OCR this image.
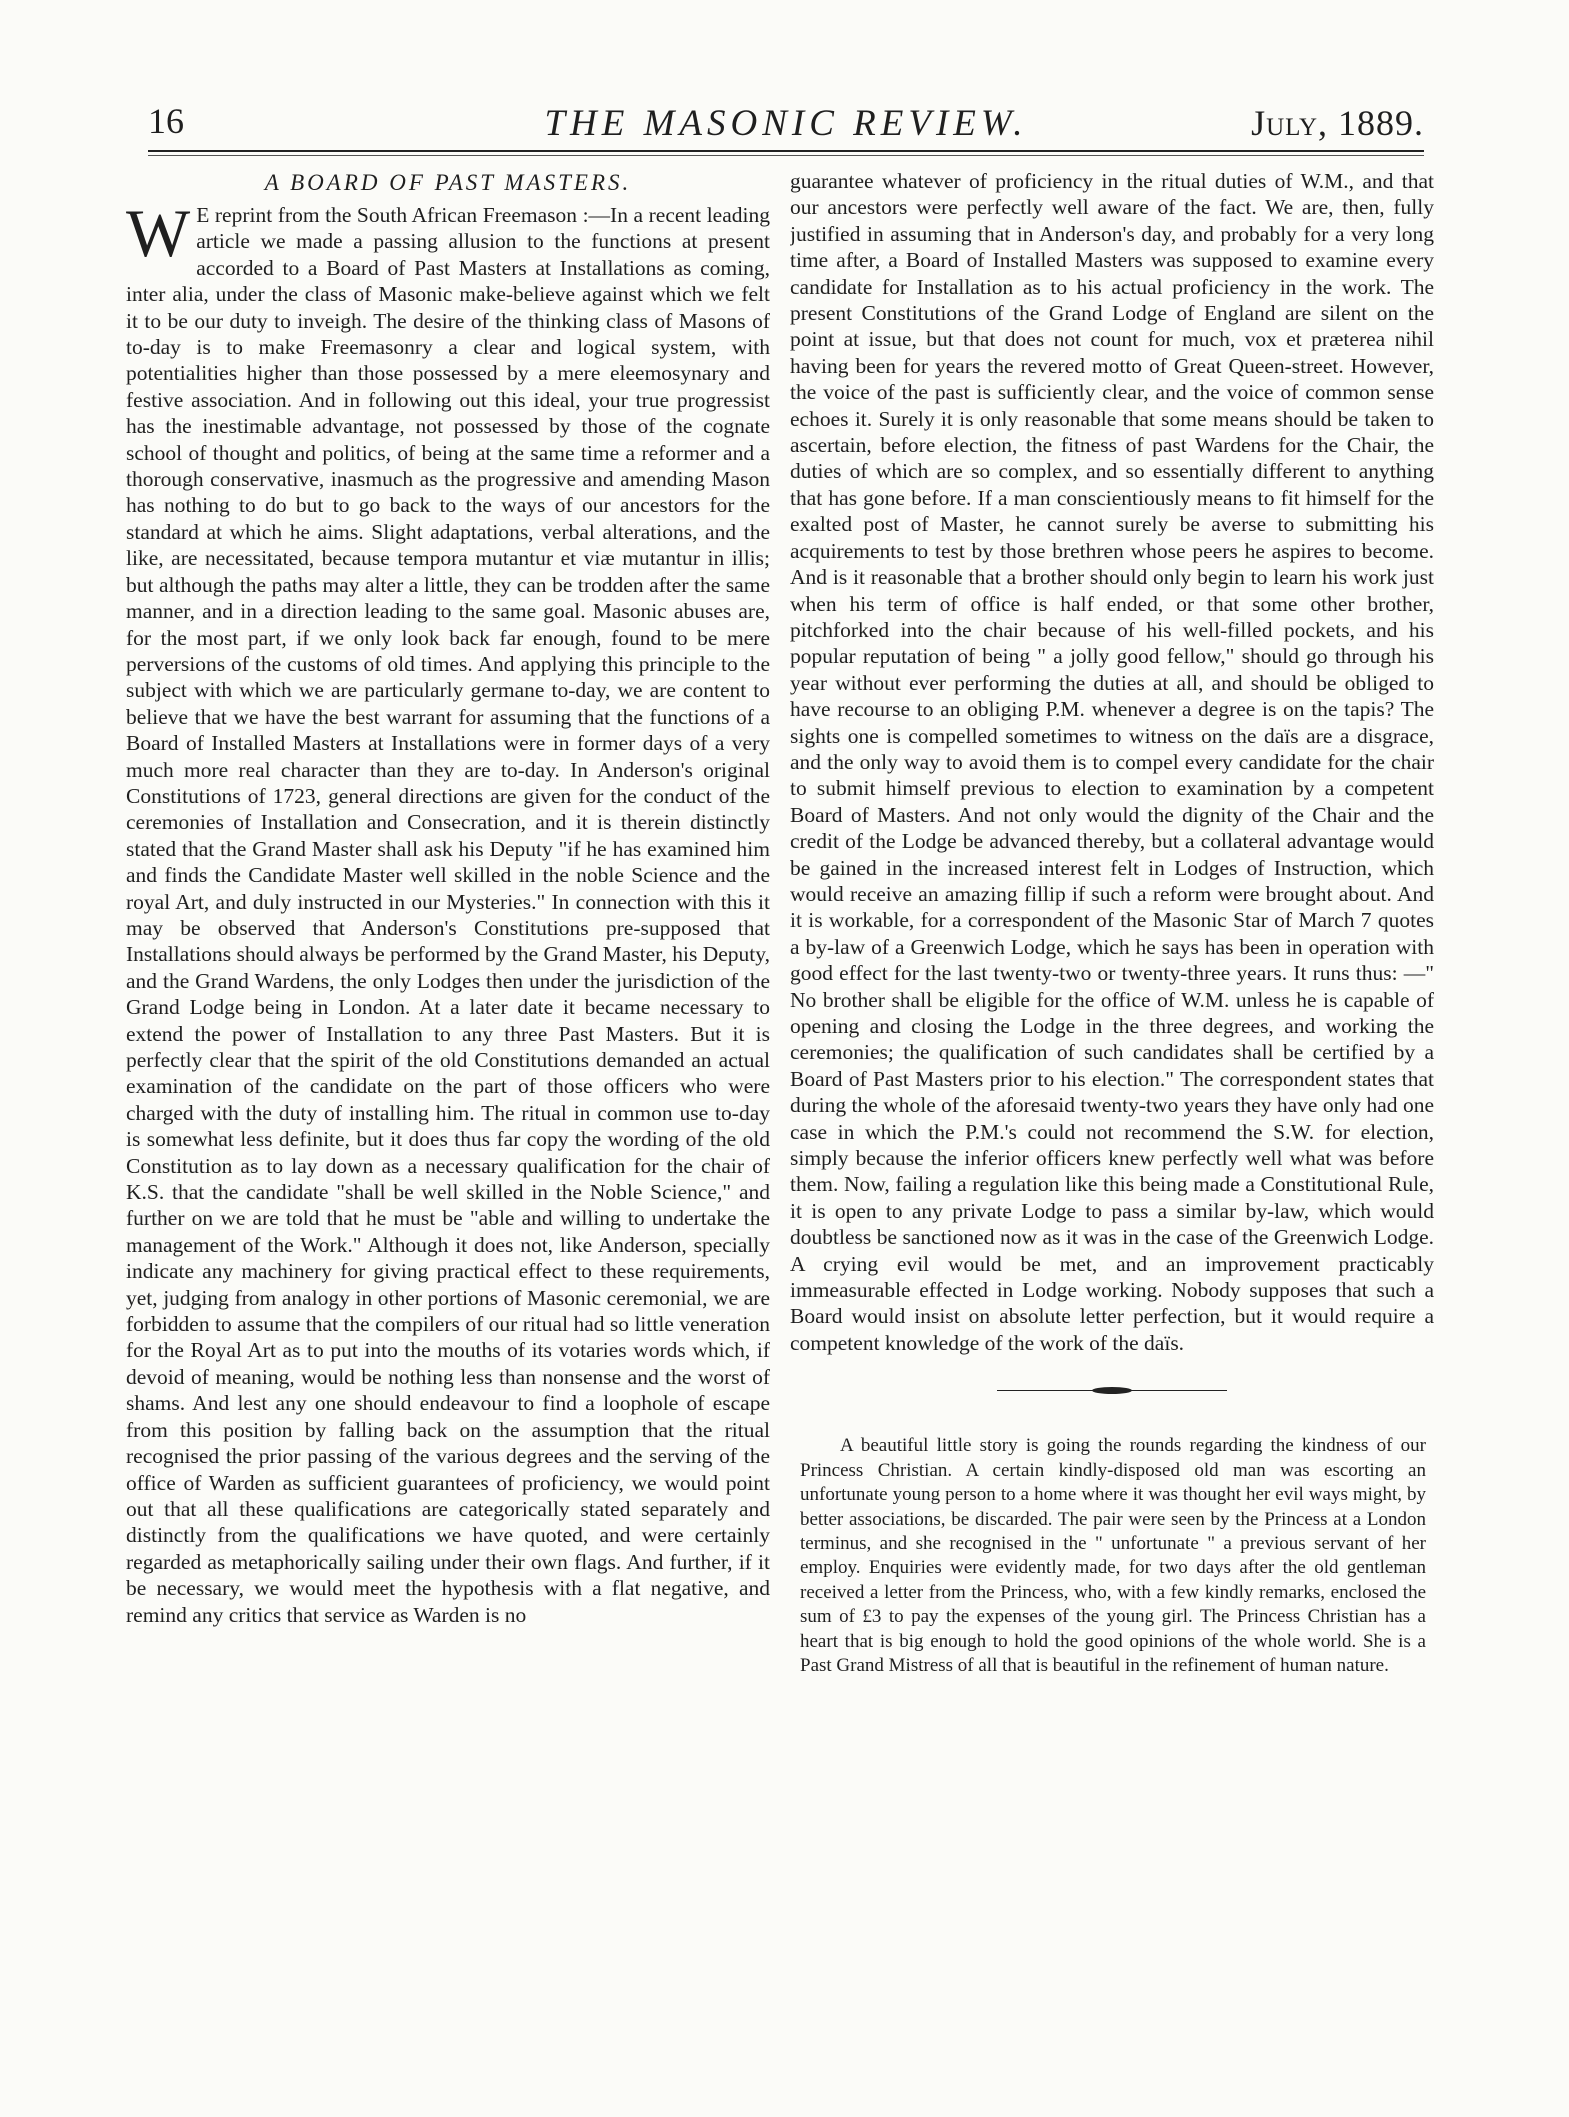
16	THE MASONIC REVIEW.	July, 1889.
A BOARD OF PAST MASTERS.

W E reprint from the South African Freemason :—In a recent leading article we made a passing allusion to the functions at present accorded to a Board of Past Masters at Installations as coming, inter alia, under the class of Masonic make-believe against which we felt it to be our duty to inveigh. The desire of the thinking class of Masons of to-day is to make Freemasonry a clear and logical system, with potentialities higher than those possessed by a mere eleemosynary and festive association. And in following out this ideal, your true progressist has the inestimable advantage, not possessed by those of the cognate school of thought and politics, of being at the same time a reformer and a thorough conservative, inasmuch as the progressive and amending Mason has nothing to do but to go back to the ways of our ancestors for the standard at which he aims. Slight adaptations, verbal alterations, and the like, are necessitated, because tempora mutantur et viæ mutantur in illis; but although the paths may alter a little, they can be trodden after the same manner, and in a direction leading to the same goal. Masonic abuses are, for the most part, if we only look back far enough, found to be mere perversions of the customs of old times. And applying this principle to the subject with which we are particularly germane to-day, we are content to believe that we have the best warrant for assuming that the functions of a Board of Installed Masters at Installations were in former days of a very much more real character than they are to-day. In Anderson's original Constitutions of 1723, general directions are given for the conduct of the ceremonies of Installation and Consecration, and it is therein distinctly stated that the Grand Master shall ask his Deputy "if he has examined him and finds the Candidate Master well skilled in the noble Science and the royal Art, and duly instructed in our Mysteries." In connection with this it may be observed that Anderson's Constitutions pre-supposed that Installations should always be performed by the Grand Master, his Deputy, and the Grand Wardens, the only Lodges then under the jurisdiction of the Grand Lodge being in London. At a later date it became necessary to extend the power of Installation to any three Past Masters. But it is perfectly clear that the spirit of the old Constitutions demanded an actual examination of the candidate on the part of those officers who were charged with the duty of installing him. The ritual in common use to-day is somewhat less definite, but it does thus far copy the wording of the old Constitution as to lay down as a necessary qualification for the chair of K.S. that the candidate "shall be well skilled in the Noble Science," and further on we are told that he must be "able and willing to undertake the management of the Work." Although it does not, like Anderson, specially indicate any machinery for giving practical effect to these requirements, yet, judging from analogy in other portions of Masonic ceremonial, we are forbidden to assume that the compilers of our ritual had so little veneration for the Royal Art as to put into the mouths of its votaries words which, if devoid of meaning, would be nothing less than nonsense and the worst of shams. And lest any one should endeavour to find a loophole of escape from this position by falling back on the assumption that the ritual recognised the prior passing of the various degrees and the serving of the office of Warden as sufficient guarantees of proficiency, we would point out that all these qualifications are categorically stated separately and distinctly from the qualifications we have quoted, and were certainly regarded as metaphorically sailing under their own flags. And further, if it be necessary, we would meet the hypothesis with a flat negative, and remind any critics that service as Warden is no

guarantee whatever of proficiency in the ritual duties of W.M., and that our ancestors were perfectly well aware of the fact. We are, then, fully justified in assuming that in Anderson's day, and probably for a very long time after, a Board of Installed Masters was supposed to examine every candidate for Installation as to his actual proficiency in the work. The present Constitutions of the Grand Lodge of England are silent on the point at issue, but that does not count for much, vox et præterea nihil having been for years the revered motto of Great Queen-street. However, the voice of the past is sufficiently clear, and the voice of common sense echoes it. Surely it is only reasonable that some means should be taken to ascertain, before election, the fitness of past Wardens for the Chair, the duties of which are so complex, and so essentially different to anything that has gone before. If a man conscientiously means to fit himself for the exalted post of Master, he cannot surely be averse to submitting his acquirements to test by those brethren whose peers he aspires to become. And is it reasonable that a brother should only begin to learn his work just when his term of office is half ended, or that some other brother, pitchforked into the chair because of his well-filled pockets, and his popular reputation of being " a jolly good fellow," should go through his year without ever performing the duties at all, and should be obliged to have recourse to an obliging P.M. whenever a degree is on the tapis? The sights one is compelled sometimes to witness on the daïs are a disgrace, and the only way to avoid them is to compel every candidate for the chair to submit himself previous to election to examination by a competent Board of Masters. And not only would the dignity of the Chair and the credit of the Lodge be advanced thereby, but a collateral advantage would be gained in the increased interest felt in Lodges of Instruction, which would receive an amazing fillip if such a reform were brought about. And it is workable, for a correspondent of the Masonic Star of March 7 quotes a by-law of a Greenwich Lodge, which he says has been in operation with good effect for the last twenty-two or twenty-three years. It runs thus: —" No brother shall be eligible for the office of W.M. unless he is capable of opening and closing the Lodge in the three degrees, and working the ceremonies; the qualification of such candidates shall be certified by a Board of Past Masters prior to his election." The correspondent states that during the whole of the aforesaid twenty-two years they have only had one case in which the P.M.'s could not recommend the S.W. for election, simply because the inferior officers knew perfectly well what was before them. Now, failing a regulation like this being made a Constitutional Rule, it is open to any private Lodge to pass a similar by-law, which would doubtless be sanctioned now as it was in the case of the Greenwich Lodge. A crying evil would be met, and an improvement practicably immeasurable effected in Lodge working. Nobody supposes that such a Board would insist on absolute letter perfection, but it would require a competent knowledge of the work of the daïs.

A beautiful little story is going the rounds regarding the kindness of our Princess Christian. A certain kindly-disposed old man was escorting an unfortunate young person to a home where it was thought her evil ways might, by better associations, be discarded. The pair were seen by the Princess at a London terminus, and she recognised in the " unfortunate " a previous servant of her employ. Enquiries were evidently made, for two days after the old gentleman received a letter from the Princess, who, with a few kindly remarks, enclosed the sum of £3 to pay the expenses of the young girl. The Princess Christian has a heart that is big enough to hold the good opinions of the whole world. She is a Past Grand Mistress of all that is beautiful in the refinement of human nature.
